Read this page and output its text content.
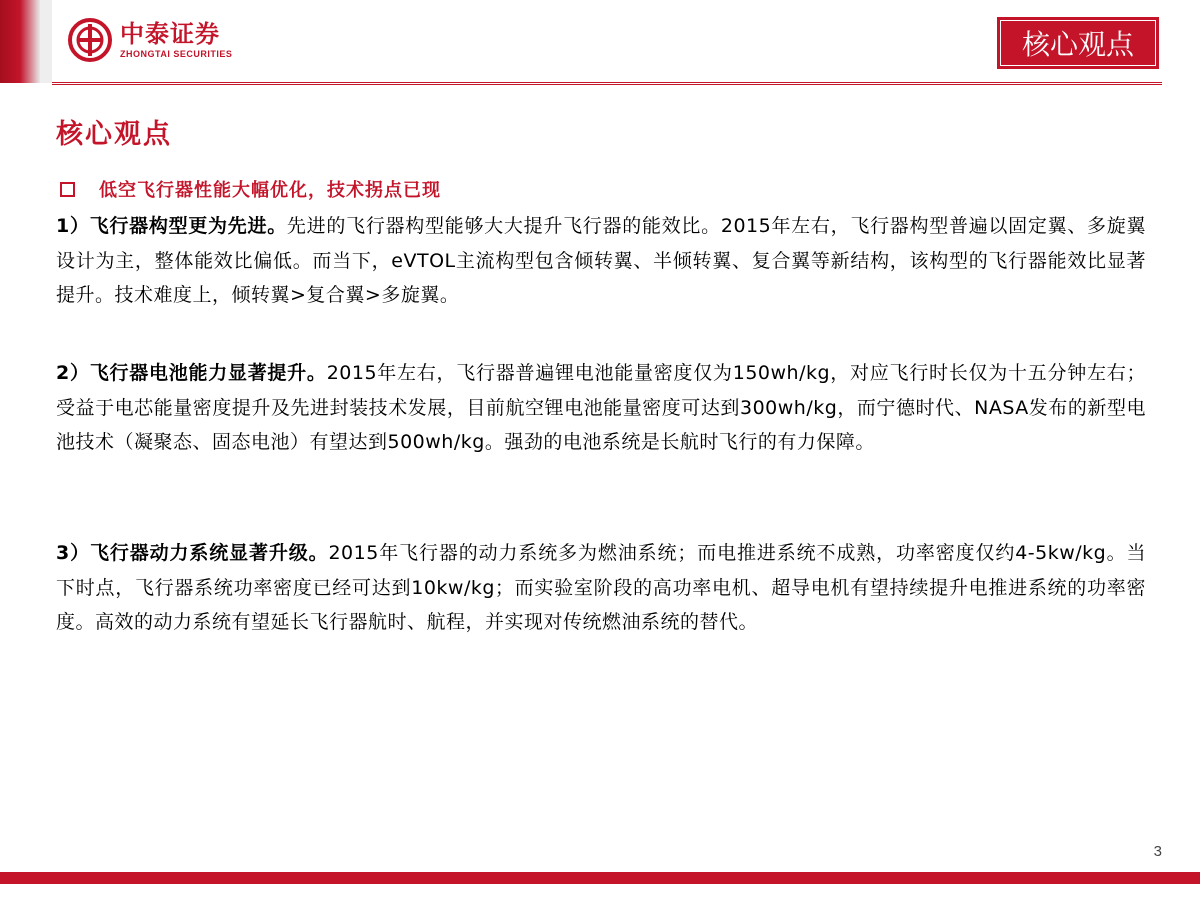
中泰证券
ZHONGTAI SECURITIES	核心观点
核心观点
低空飞行器性能大幅优化，技术拐点已现
1）飞行器构型更为先进。先进的飞行器构型能够大大提升飞行器的能效比。2015年左右，飞行器构型普遍以固定翼、多旋翼设计为主，整体能效比偏低。而当下，eVTOL主流构型包含倾转翼、半倾转翼、复合翼等新结构，该构型的飞行器能效比显著提升。技术难度上，倾转翼>复合翼>多旋翼。
2）飞行器电池能力显著提升。2015年左右，飞行器普遍锂电池能量密度仅为150wh/kg，对应飞行时长仅为十五分钟左右；受益于电芯能量密度提升及先进封装技术发展，目前航空锂电池能量密度可达到300wh/kg，而宁德时代、NASA发布的新型电池技术（凝聚态、固态电池）有望达到500wh/kg。强劲的电池系统是长航时飞行的有力保障。
3）飞行器动力系统显著升级。2015年飞行器的动力系统多为燃油系统；而电推进系统不成熟，功率密度仅约4-5kw/kg。当下时点，飞行器系统功率密度已经可达到10kw/kg；而实验室阶段的高功率电机、超导电机有望持续提升电推进系统的功率密度。高效的动力系统有望延长飞行器航时、航程，并实现对传统燃油系统的替代。
3
